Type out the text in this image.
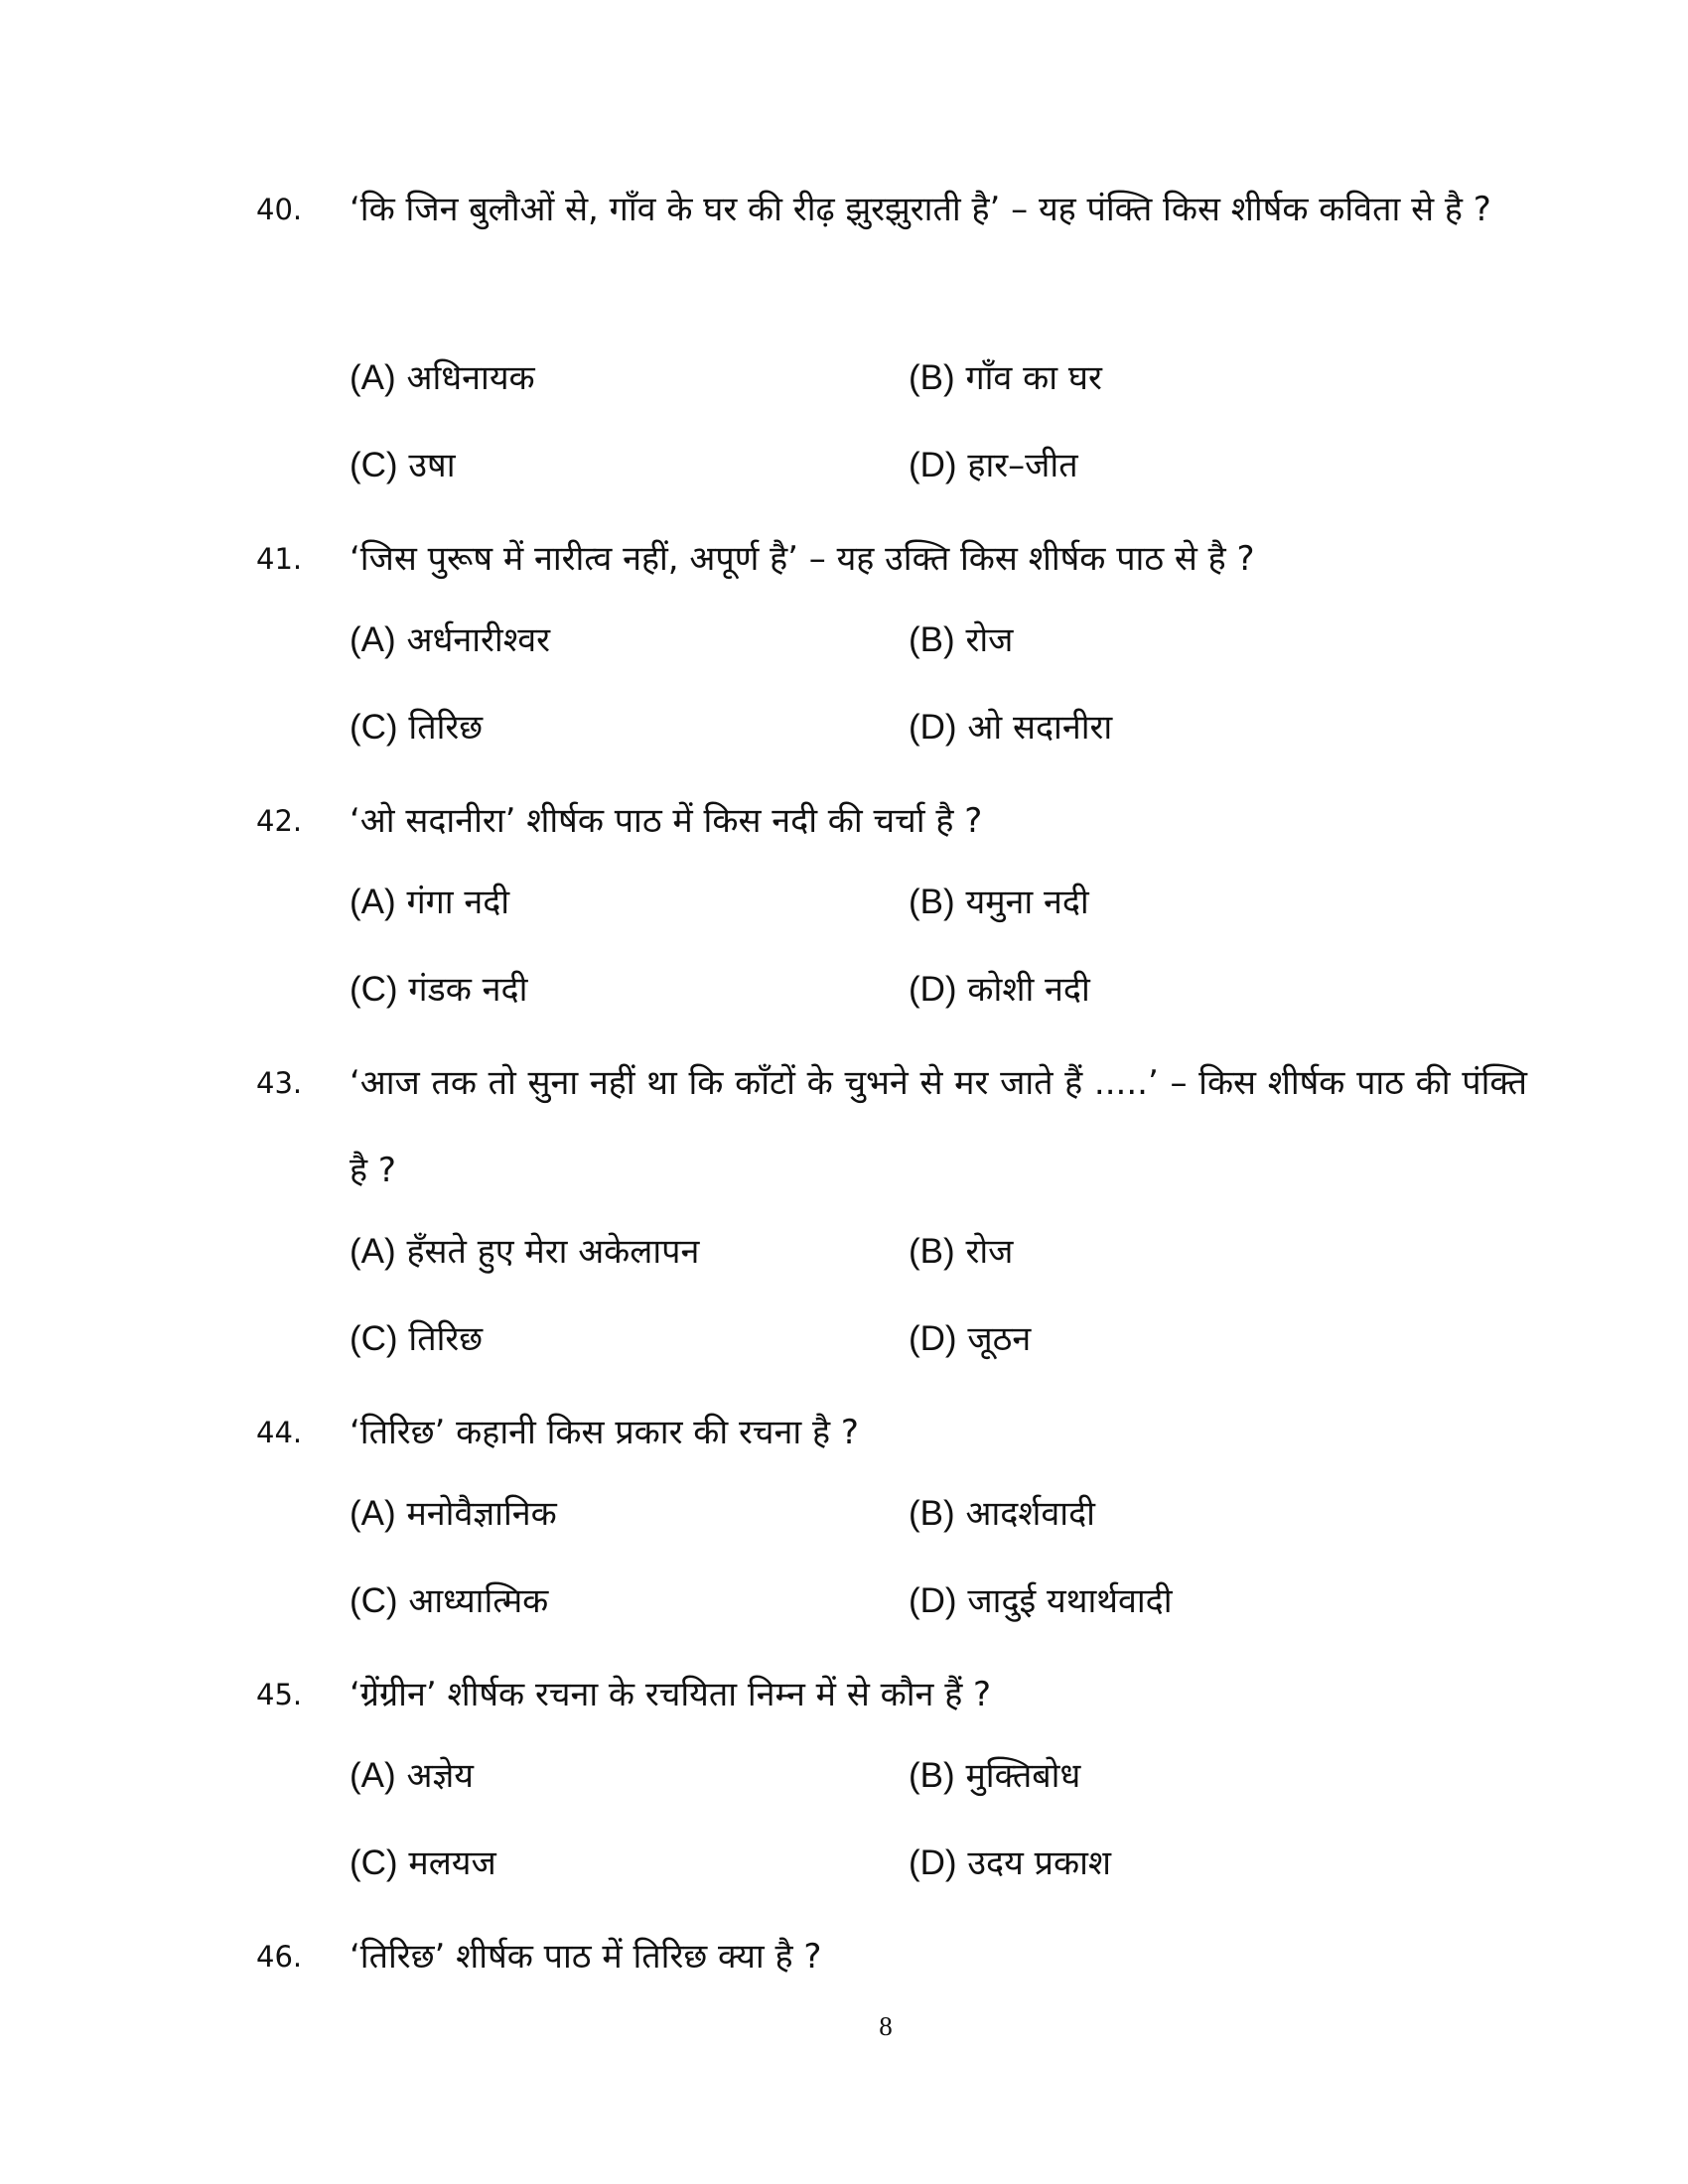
40. ‘कि जिन बुलौओं से, गाँव के घर की रीढ़ झुरझुराती है’ – यह पंक्ति किस शीर्षक कविता से है ?
(A) अधिनायक	(B) गाँव का घर
(C) उषा	(D) हार–जीत
41. ‘जिस पुरूष में नारीत्व नहीं, अपूर्ण है’ – यह उक्ति किस शीर्षक पाठ से है ?
(A) अर्धनारीश्वर	(B) रोज
(C) तिरिछ	(D) ओ सदानीरा
42. ‘ओ सदानीरा’ शीर्षक पाठ में किस नदी की चर्चा है ?
(A) गंगा नदी	(B) यमुना नदी
(C) गंडक नदी	(D) कोशी नदी
43. ‘आज तक तो सुना नहीं था कि काँटों के चुभने से मर जाते हैं .....’ – किस शीर्षक पाठ की पंक्ति है ?
(A) हँसते हुए मेरा अकेलापन	(B) रोज
(C) तिरिछ	(D) जूठन
44. ‘तिरिछ’ कहानी किस प्रकार की रचना है ?
(A) मनोवैज्ञानिक	(B) आदर्शवादी
(C) आध्यात्मिक	(D) जादुई यथार्थवादी
45. ‘ग्रेंग्रीन’ शीर्षक रचना के रचयिता निम्न में से कौन हैं ?
(A) अज्ञेय	(B) मुक्तिबोध
(C) मलयज	(D) उदय प्रकाश
46. ‘तिरिछ’ शीर्षक पाठ में तिरिछ क्या है ?
8
